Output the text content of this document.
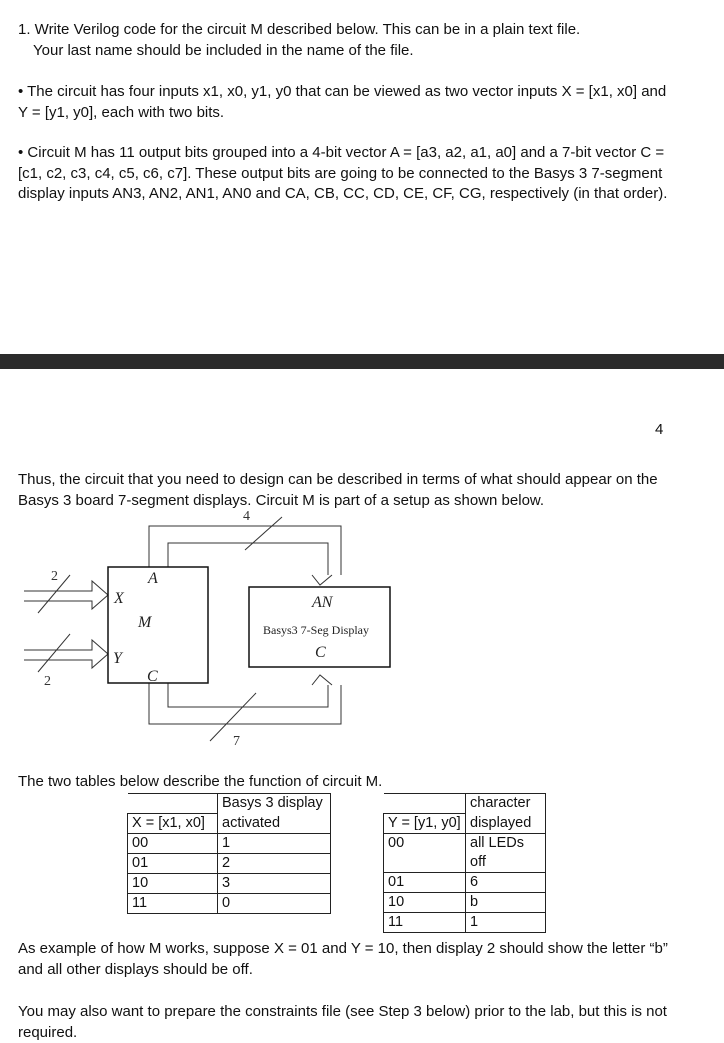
1. Write Verilog code for the circuit M described below. This can be in a plain text file.

Your last name should be included in the name of the file.

• The circuit has four inputs x1, x0, y1, y0 that can be viewed as two vector inputs X = [x1, x0] and Y = [y1, y0], each with two bits.

• Circuit M has 11 output bits grouped into a 4-bit vector A = [a3, a2, a1, a0] and a 7-bit vector C = [c1, c2, c3, c4, c5, c6, c7]. These output bits are going to be connected to the Basys 3 7-segment display inputs AN3, AN2, AN1, AN0 and CA, CB, CC, CD, CE, CF, CG, respectively (in that order).

4

Thus, the circuit that you need to design can be described in terms of what should appear on the Basys 3 board 7-segment displays. Circuit M is part of a setup as shown below.

4
7
2
2
X
Y
A
M
C
AN
C
Basys3 7-Seg Display

The two tables below describe the function of circuit M.

	Basys 3 display
X = [x1, x0]	activated
00	1
01	2
10	3
11	0
	character
Y = [y1, y0]	displayed
00	all LEDs off
01	6
10	b
11	1

As example of how M works, suppose X = 01 and Y = 10, then display 2 should show the letter “b” and all other displays should be off.

You may also want to prepare the constraints file (see Step 3 below) prior to the lab, but this is not required.
